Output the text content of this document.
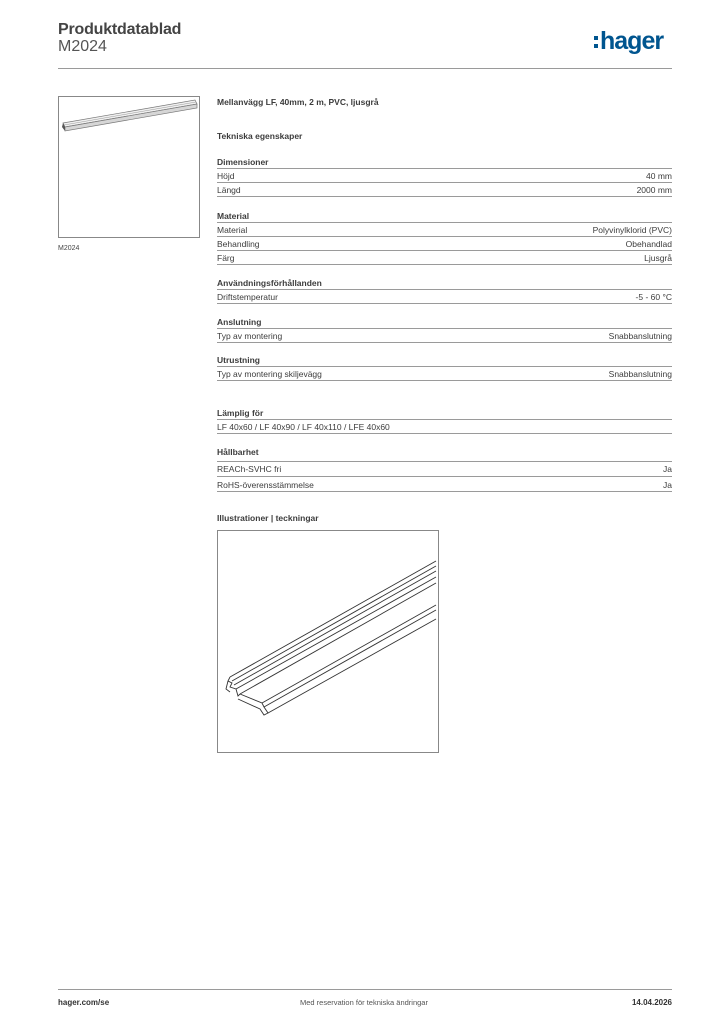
Produktdatablad
M2024	hager
M2024
Mellanvägg LF, 40mm, 2 m, PVC, ljusgrå
Tekniska egenskaper
Dimensioner
Höjd	40 mm
Längd	2000 mm
Material
Material	Polyvinylklorid (PVC)
Behandling	Obehandlad
Färg	Ljusgrå
Användningsförhållanden
Driftstemperatur	-5 - 60 °C
Anslutning
Typ av montering	Snabbanslutning
Utrustning
Typ av montering skiljevägg	Snabbanslutning
Lämplig för
LF 40x60 / LF 40x90 / LF 40x110 / LFE 40x60
Hållbarhet
REACh-SVHC fri	Ja
RoHS-överensstämmelse	Ja
Illustrationer | teckningar
hager.com/se	Med reservation för tekniska ändringar	14.04.2026
